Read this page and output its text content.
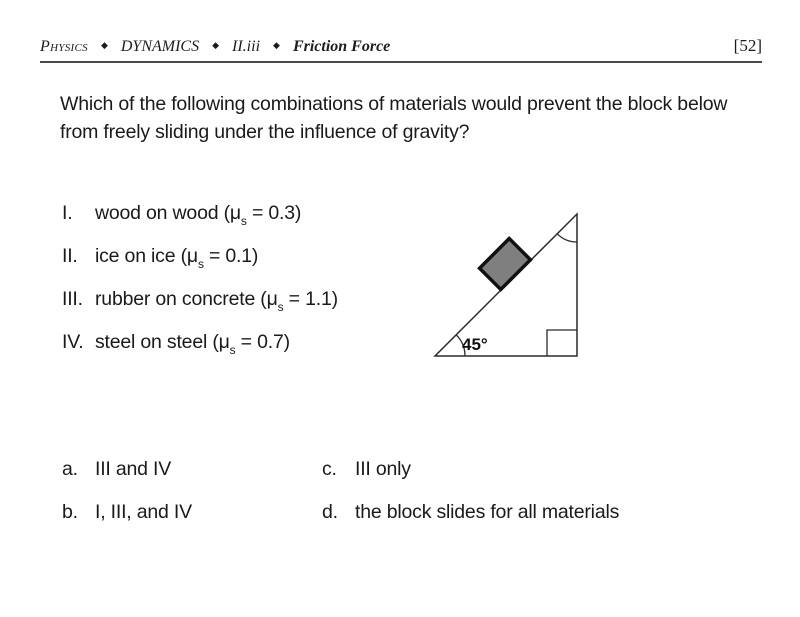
Physics ◆ DYNAMICS ◆ II.iii ◆ Friction Force	[52]
Which of the following combinations of materials would prevent the block below from freely sliding under the influence of gravity?
I.	wood on wood $(\mu_s = 0.3)$
II. ice on ice $(\mu_s = 0.1)$
III. rubber on concrete $(\mu_s = 1.1)$
IV. steel on steel $(\mu_s = 0.7)$	45°
a. III and IV	c. III only
b. I, III, and IV	d. the block slides for all materials
